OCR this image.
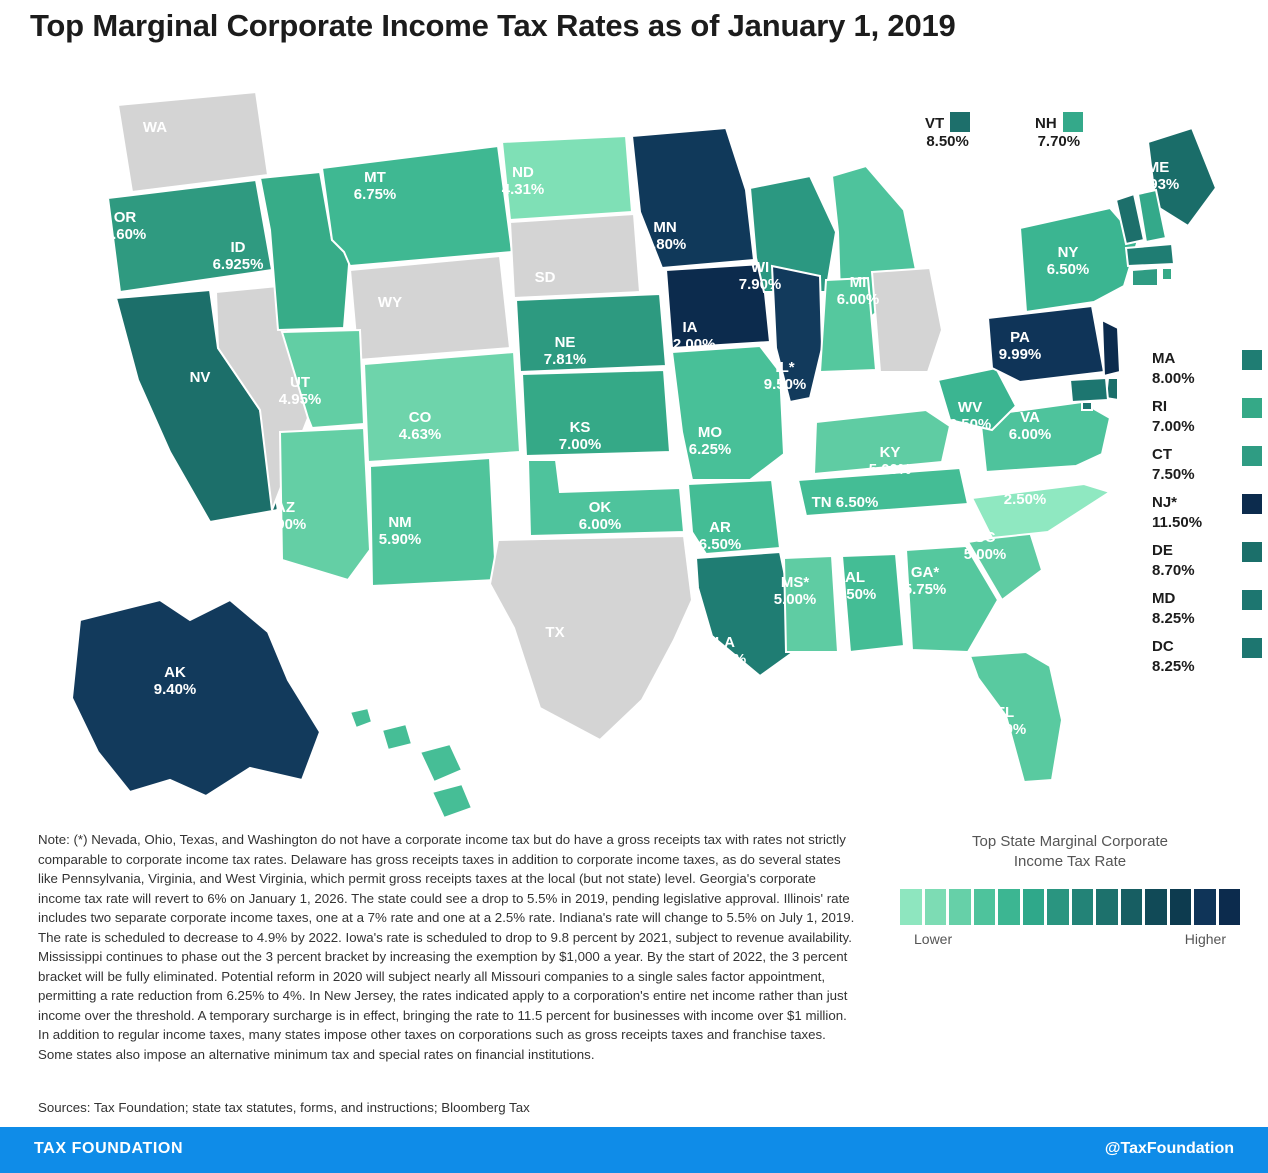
Top Marginal Corporate Income Tax Rates as of January 1, 2019
WA
OR
7.60%
ID
6.925%
MT
6.75%
ND
4.31%
SD
WY
NV
CA
8.84%
UT
4.95%
CO
4.63%
AZ
4.90%	NM
5.90%
TX
OK
6.00%
KS
7.00%
NE
7.81%
MN
9.80%
IA
12.00%
MO
6.25%
AR
6.50%
LA
8.00%
MS*
5.00%
AL
6.50%
GA*
5.75%
FL
5.50%
SC
5.00%
NC
2.50%
TN 6.50%
KY
5.00%
VA
6.00%
WV
6.50%
OH
IN*
5.75%
IL*
9.50%
MI
6.00%
WI
7.90%
NY
6.50%
PA
9.99%
ME
8.93%
AK
9.40%
HI
6.40%
VT
8.50%
NH
7.70%
MA
8.00%
RI
7.00%
CT
7.50%
NJ*
11.50%
DE
8.70%
MD
8.25%
DC
8.25%
Note: (*) Nevada, Ohio, Texas, and Washington do not have a corporate income tax but do have a gross receipts tax with rates not strictly comparable to corporate income tax rates. Delaware has gross receipts taxes in addition to corporate income taxes, as do several states like Pennsylvania, Virginia, and West Virginia, which permit gross receipts taxes at the local (but not state) level. Georgia's corporate income tax rate will revert to 6% on January 1, 2026. The state could see a drop to 5.5% in 2019, pending legislative approval. Illinois' rate includes two separate corporate income taxes, one at a 7% rate and one at a 2.5% rate. Indiana's rate will change to 5.5% on July 1, 2019. The rate is scheduled to decrease to 4.9% by 2022. Iowa's rate is scheduled to drop to 9.8 percent by 2021, subject to revenue availability. Mississippi continues to phase out the 3 percent bracket by increasing the exemption by $1,000 a year. By the start of 2022, the 3 percent bracket will be fully eliminated. Potential reform in 2020 will subject nearly all Missouri companies to a single sales factor appointment, permitting a rate reduction from 6.25% to 4%. In New Jersey, the rates indicated apply to a corporation's entire net income rather than just income over the threshold. A temporary surcharge is in effect, bringing the rate to 11.5 percent for businesses with income over $1 million. In addition to regular income taxes, many states impose other taxes on corporations such as gross receipts taxes and franchise taxes. Some states also impose an alternative minimum tax and special rates on financial institutions.
Sources: Tax Foundation; state tax statutes, forms, and instructions; Bloomberg Tax
Top State Marginal Corporate
Income Tax Rate
Lower	Higher
TAX FOUNDATION	@TaxFoundation
